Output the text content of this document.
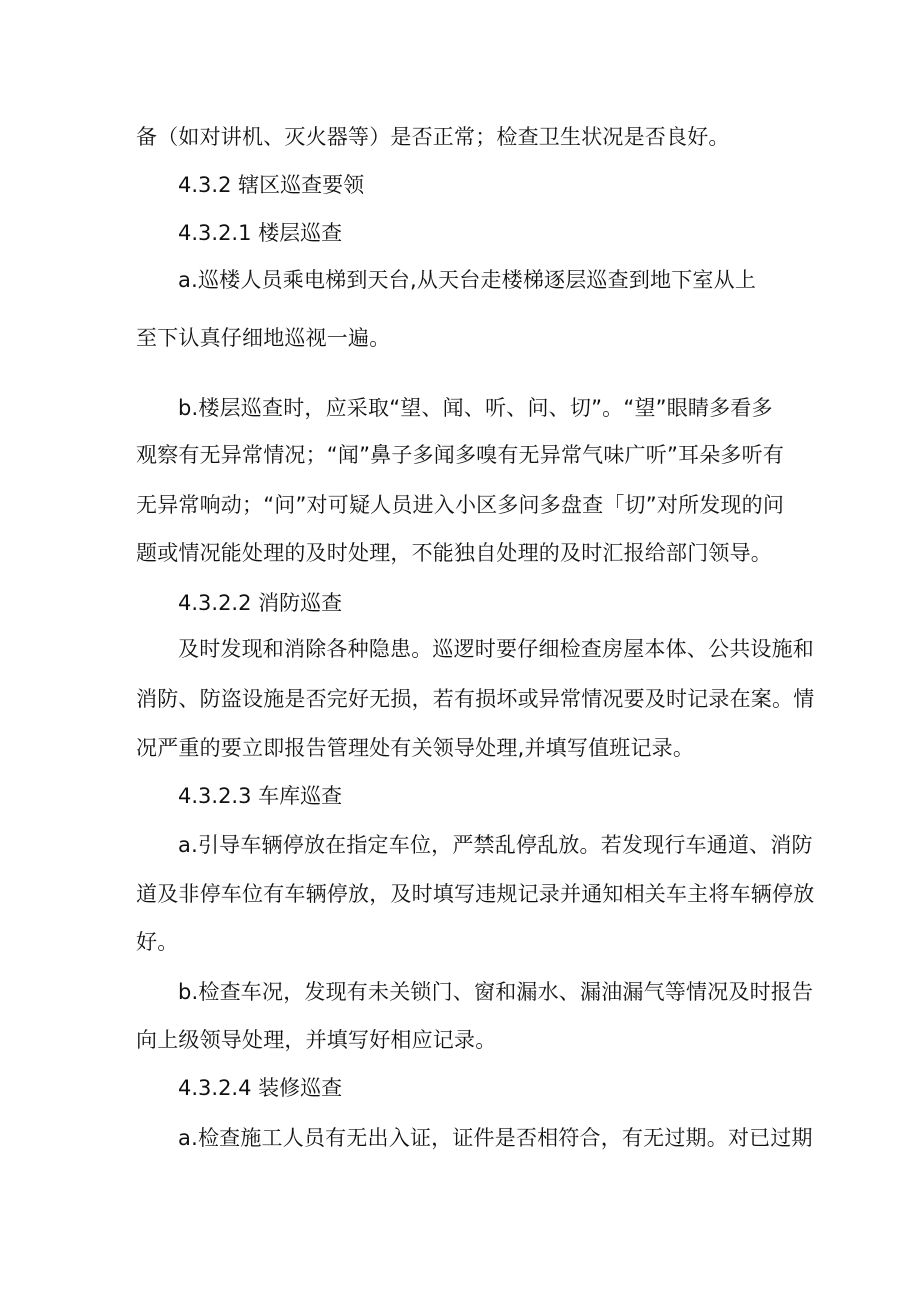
备（如对讲机、灭火器等）是否正常；检查卫生状况是否良好。
4.3.2 辖区巡查要领
4.3.2.1 楼层巡查
a.巡楼人员乘电梯到天台,从天台走楼梯逐层巡查到地下室从上
至下认真仔细地巡视一遍。
b.楼层巡查时，应采取“望、闻、听、问、切”。“望”眼睛多看多
观察有无异常情况；“闻”鼻子多闻多嗅有无异常气味广听”耳朵多听有
无异常响动；“问”对可疑人员进入小区多问多盘查「切”对所发现的问
题或情况能处理的及时处理，不能独自处理的及时汇报给部门领导。
4.3.2.2 消防巡查
及时发现和消除各种隐患。巡逻时要仔细检查房屋本体、公共设施和
消防、防盗设施是否完好无损，若有损坏或异常情况要及时记录在案。情
况严重的要立即报告管理处有关领导处理,并填写值班记录。
4.3.2.3 车库巡查
a.引导车辆停放在指定车位，严禁乱停乱放。若发现行车通道、消防
道及非停车位有车辆停放，及时填写违规记录并通知相关车主将车辆停放
好。
b.检查车况，发现有未关锁门、窗和漏水、漏油漏气等情况及时报告
向上级领导处理，并填写好相应记录。
4.3.2.4 装修巡查
a.检查施工人员有无出入证，证件是否相符合，有无过期。对已过期
